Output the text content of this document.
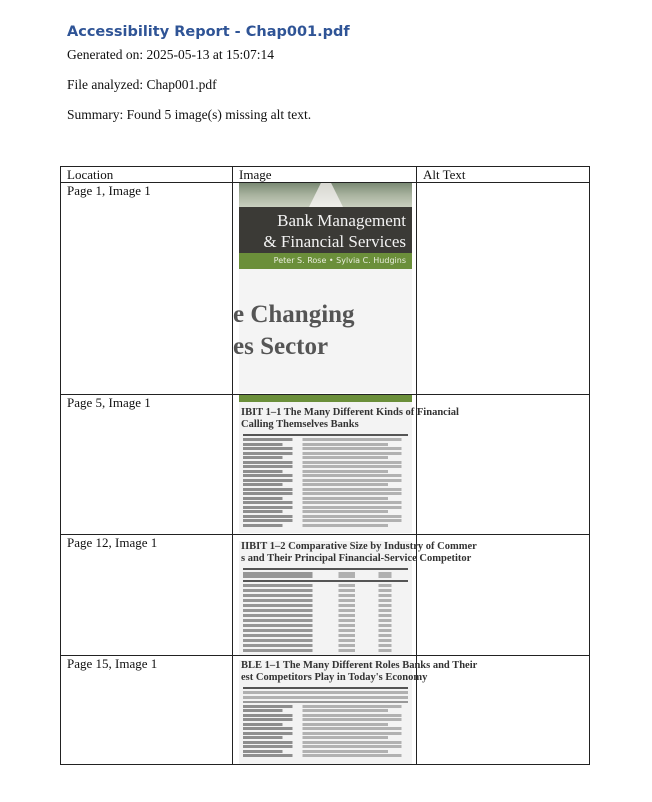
Accessibility Report - Chap001.pdf
Generated on: 2025-05-13 at 15:07:14
File analyzed: Chap001.pdf
Summary: Found 5 image(s) missing alt text.
Location	Image	Alt Text
Page 1, Image 1	Bank Management
& Financial Services
Peter S. Rose • Sylvia C. Hudgins
e Changing
es Sector	

Page 5, Image 1	IBIT 1–1 The Many Different Kinds of Financial
Calling Themselves Banks	

Page 12, Image 1	IIBIT 1–2 Comparative Size by Industry of Commer
s and Their Principal Financial-Service Competitor	

Page 15, Image 1	BLE 1–1 The Many Different Roles Banks and Their
est Competitors Play in Today's Economy	
